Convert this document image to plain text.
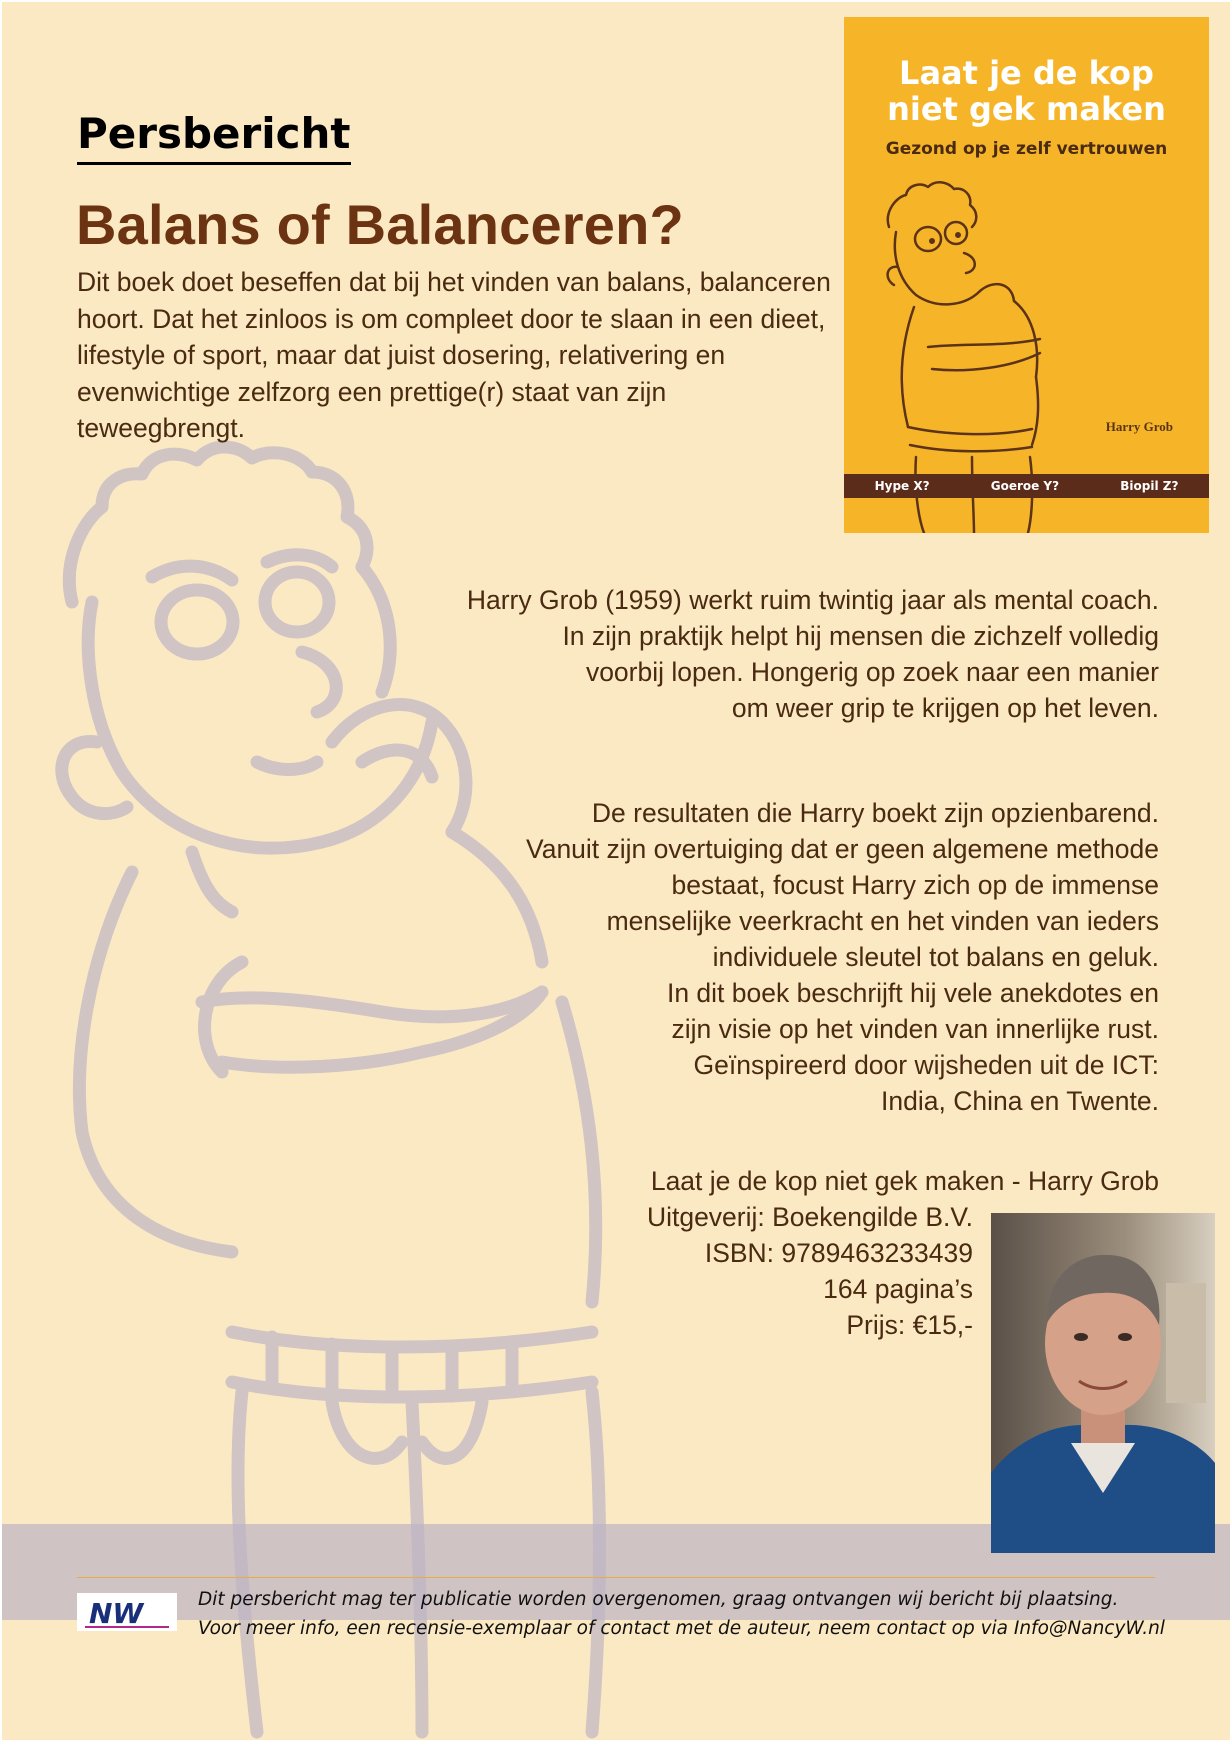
Persbericht
Balans of Balanceren?

Dit boek doet beseffen dat bij het vinden van balans, balanceren hoort. Dat het zinloos is om compleet door te slaan in een dieet, lifestyle of sport, maar dat juist dosering, relativering en evenwichtige zelfzorg een prettige(r) staat van zijn teweegbrengt.

Laat je de kop
niet gek maken
Gezond op je zelf vertrouwen
Harry Grob
Hype X?	Goeroe Y?	Biopil Z?
Harry Grob (1959) werkt ruim twintig jaar als mental coach.
In zijn praktijk helpt hij mensen die zichzelf volledig
voorbij lopen. Hongerig op zoek naar een manier
om weer grip te krijgen op het leven.
De resultaten die Harry boekt zijn opzienbarend.
Vanuit zijn overtuiging dat er geen algemene methode
bestaat, focust Harry zich op de immense
menselijke veerkracht en het vinden van ieders
individuele sleutel tot balans en geluk.
In dit boek beschrijft hij vele anekdotes en
zijn visie op het vinden van innerlijke rust.
Geïnspireerd door wijsheden uit de ICT:
India, China en Twente.
Laat je de kop niet gek maken - Harry Grob
Uitgeverij: Boekengilde B.V.
ISBN: 9789463233439
164 pagina’s
Prijs: €15,-
NW	Dit persbericht mag ter publicatie worden overgenomen, graag ontvangen wij bericht bij plaatsing.
Voor meer info, een recensie-exemplaar of contact met de auteur, neem contact op via Info@NancyW.nl
